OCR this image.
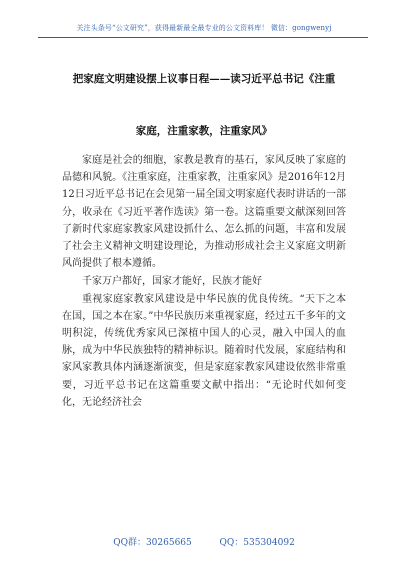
关注头条号“公文研究”，获得最新最全最专业的公文资料库！ 微信：gongwenyj
把家庭文明建设摆上议事日程——读习近平总书记《注重
家庭，注重家教，注重家风》

家庭是社会的细胞，家教是教育的基石，家风反映了家庭的品德和风貌。《注重家庭，注重家教，注重家风》是2016年12月12日习近平总书记在会见第一届全国文明家庭代表时讲话的一部分，收录在《习近平著作选读》第一卷。这篇重要文献深刻回答了新时代家庭家教家风建设抓什么、怎么抓的问题，丰富和发展了社会主义精神文明建设理论，为推动形成社会主义家庭文明新风尚提供了根本遵循。

千家万户都好，国家才能好，民族才能好

重视家庭家教家风建设是中华民族的优良传统。“天下之本在国，国之本在家。”中华民族历来重视家庭，经过五千多年的文明积淀，传统优秀家风已深植中国人的心灵，融入中国人的血脉，成为中华民族独特的精神标识。随着时代发展，家庭结构和家风家教具体内涵逐渐演变，但是家庭家教家风建设依然非常重要，习近平总书记在这篇重要文献中指出：“无论时代如何变化，无论经济社会

QQ群：30265665	QQ：535304092
